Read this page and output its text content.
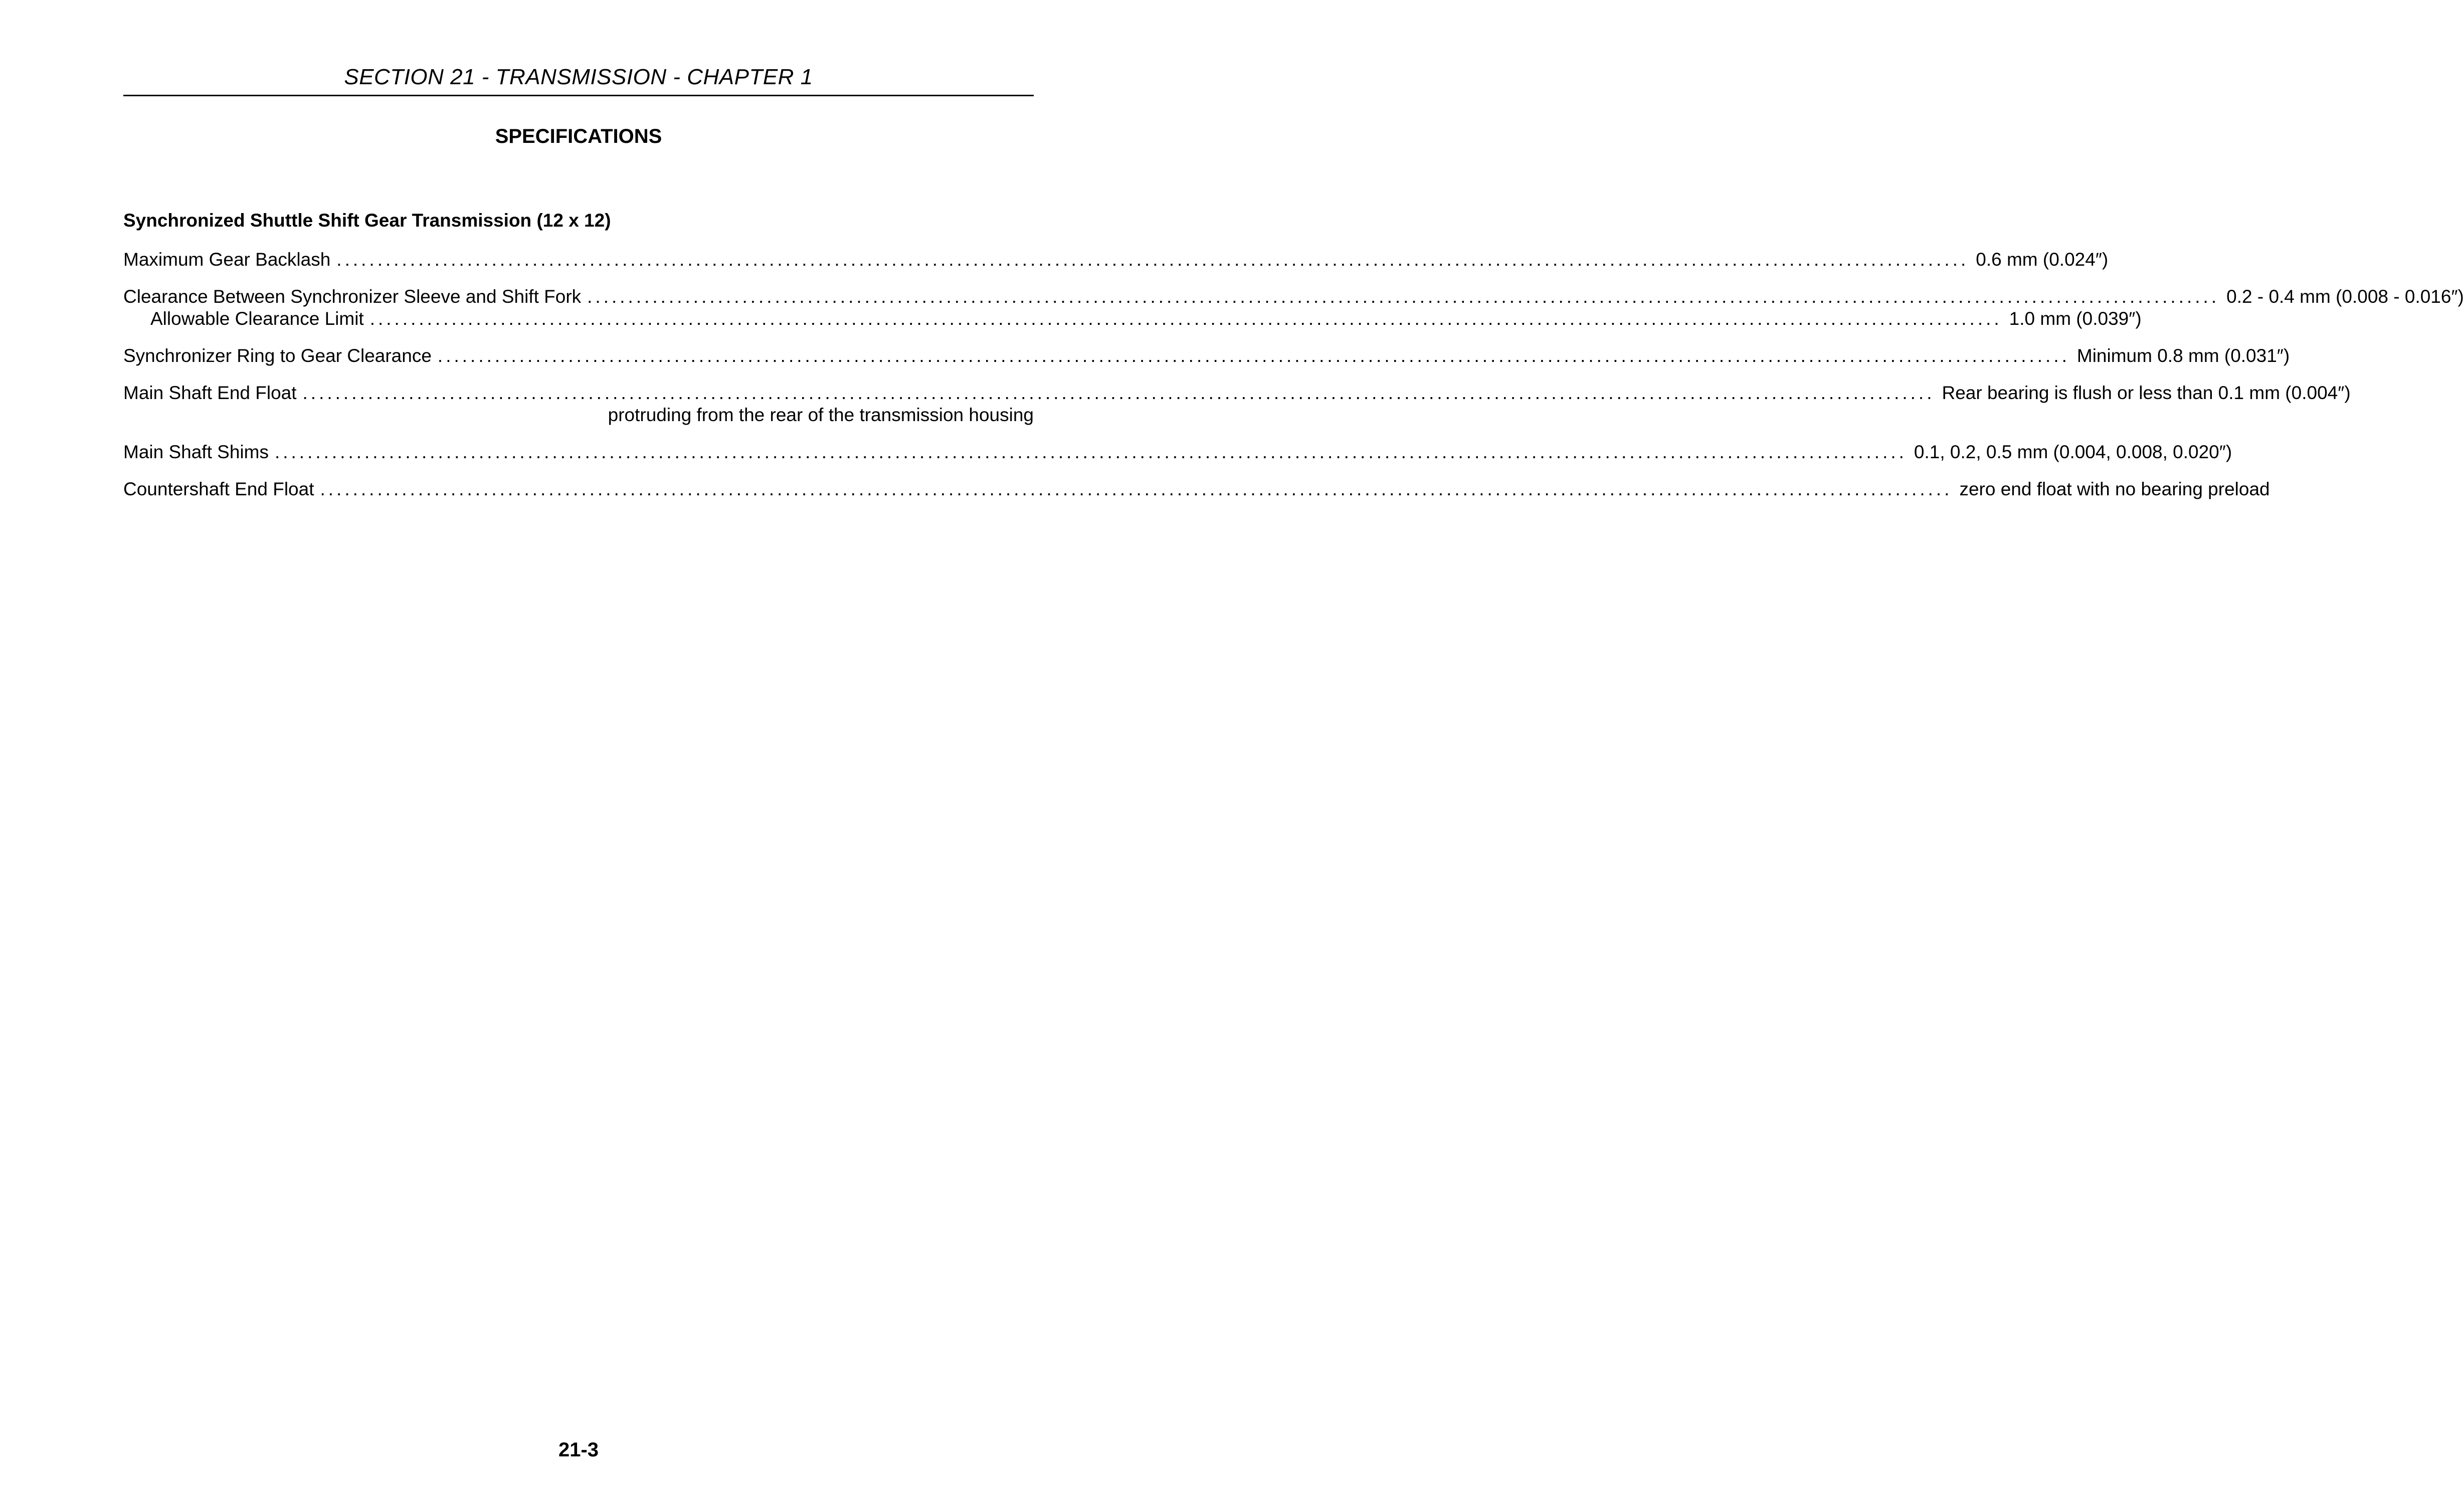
SECTION 21 - TRANSMISSION - CHAPTER 1
SPECIFICATIONS
Synchronized Shuttle Shift Gear Transmission (12 x 12)
Maximum Gear Backlash ........................................................................................................................................................................................................ 0.6 mm (0.024″)
Clearance Between Synchronizer Sleeve and Shift Fork ........................................................................................................................................................................................................ 0.2 - 0.4 mm (0.008 - 0.016″)
Allowable Clearance Limit ........................................................................................................................................................................................................ 1.0 mm (0.039″)
Synchronizer Ring to Gear Clearance ........................................................................................................................................................................................................ Minimum 0.8 mm (0.031″)
Main Shaft End Float ........................................................................................................................................................................................................ Rear bearing is flush or less than 0.1 mm (0.004″)
protruding from the rear of the transmission housing
Main Shaft Shims ........................................................................................................................................................................................................ 0.1, 0.2, 0.5 mm (0.004, 0.008, 0.020″)
Countershaft End Float ........................................................................................................................................................................................................ zero end float with no bearing preload
21-3
